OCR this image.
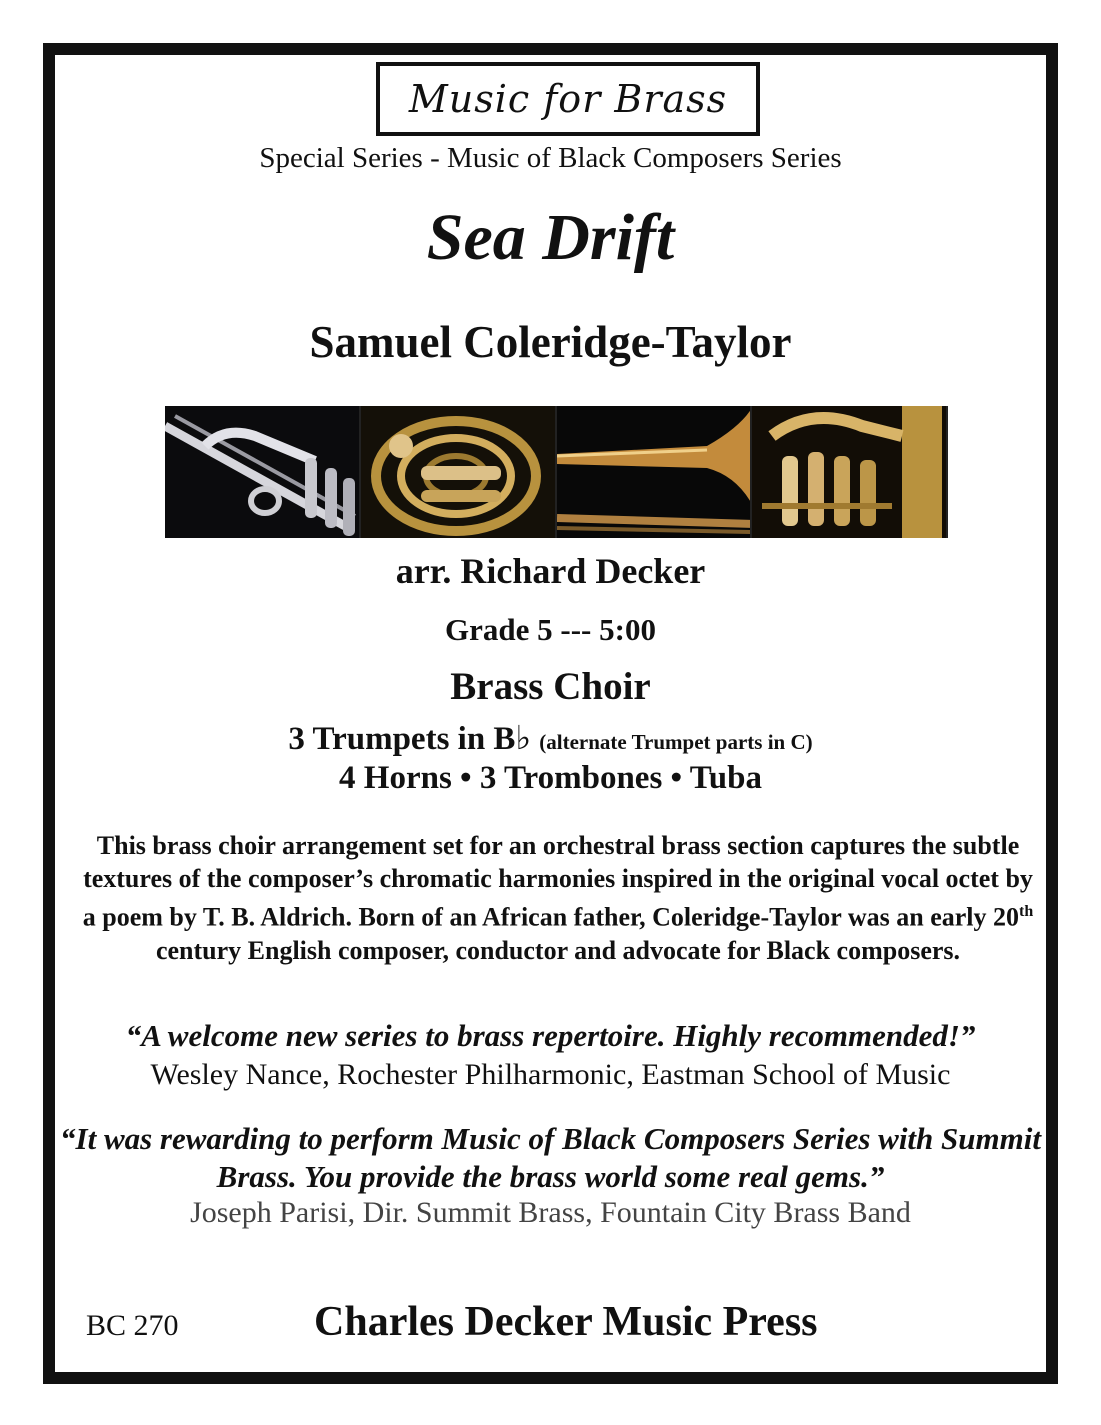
Music for Brass
Special Series - Music of Black Composers Series
Sea Drift
Samuel Coleridge-Taylor
arr. Richard Decker
Grade 5 --- 5:00
Brass Choir
3 Trumpets in B♭ (alternate Trumpet parts in C)
4 Horns • 3 Trombones • Tuba
This brass choir arrangement set for an orchestral brass section captures the subtle textures of the composer’s chromatic harmonies inspired in the original vocal octet by a poem by T. B. Aldrich. Born of an African father, Coleridge-Taylor was an early 20th century English composer, conductor and advocate for Black composers.
“A welcome new series to brass repertoire. Highly recommended!”
Wesley Nance, Rochester Philharmonic, Eastman School of Music
“It was rewarding to perform Music of Black Composers Series with Summit Brass. You provide the brass world some real gems.”
Joseph Parisi, Dir. Summit Brass, Fountain City Brass Band
BC 270	Charles Decker Music Press
